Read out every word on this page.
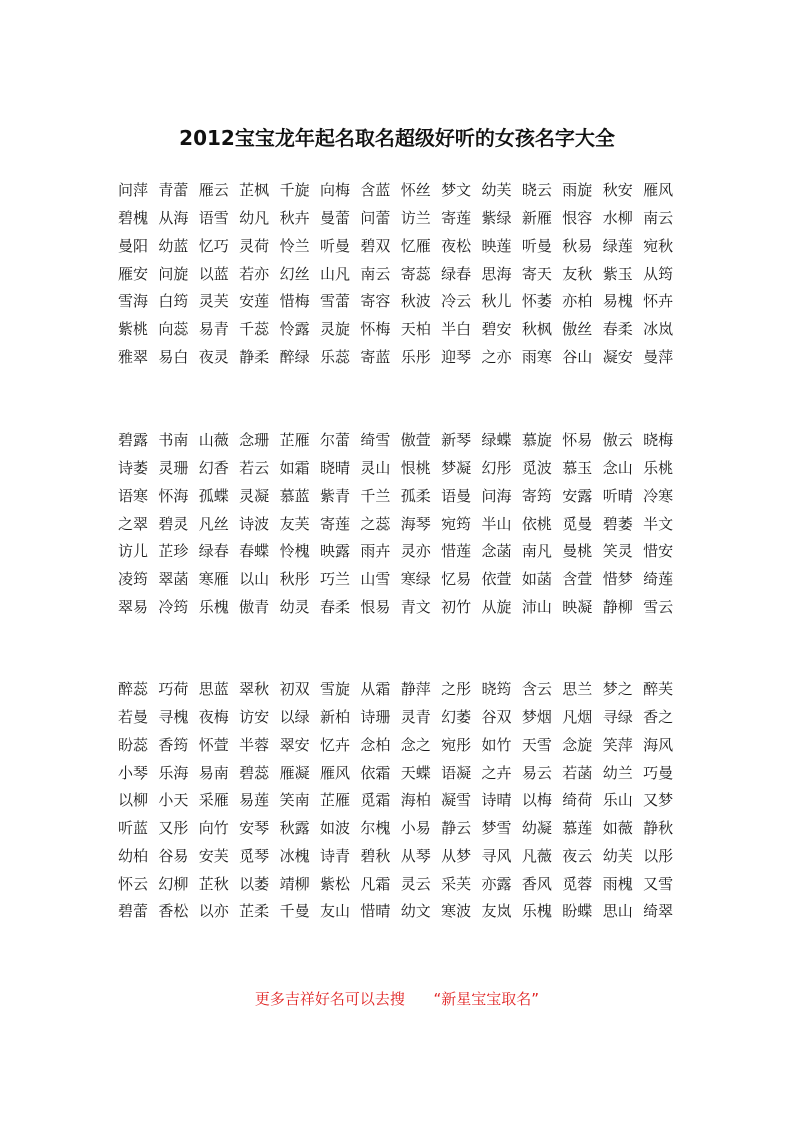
2012宝宝龙年起名取名超级好听的女孩名字大全
问萍 青蕾 雁云 芷枫 千旋 向梅 含蓝 怀丝 梦文 幼芙 晓云 雨旋 秋安 雁风
碧槐 从海 语雪 幼凡 秋卉 曼蕾 问蕾 访兰 寄莲 紫绿 新雁 恨容 水柳 南云
曼阳 幼蓝 忆巧 灵荷 怜兰 听曼 碧双 忆雁 夜松 映莲 听曼 秋易 绿莲 宛秋
雁安 问旋 以蓝 若亦 幻丝 山凡 南云 寄蕊 绿春 思海 寄天 友秋 紫玉 从筠
雪海 白筠 灵芙 安莲 惜梅 雪蕾 寄容 秋波 冷云 秋儿 怀萎 亦柏 易槐 怀卉
紫桃 向蕊 易青 千蕊 怜露 灵旋 怀梅 天柏 半白 碧安 秋枫 傲丝 春柔 冰岚
雅翠 易白 夜灵 静柔 醉绿 乐蕊 寄蓝 乐彤 迎琴 之亦 雨寒 谷山 凝安 曼萍
碧露 书南 山薇 念珊 芷雁 尔蕾 绮雪 傲萱 新琴 绿蝶 慕旋 怀易 傲云 晓梅
诗萎 灵珊 幻香 若云 如霜 晓晴 灵山 恨桃 梦凝 幻彤 觅波 慕玉 念山 乐桃
语寒 怀海 孤蝶 灵凝 慕蓝 紫青 千兰 孤柔 语曼 问海 寄筠 安露 听晴 冷寒
之翠 碧灵 凡丝 诗波 友芙 寄莲 之蕊 海琴 宛筠 半山 依桃 觅曼 碧萎 半文
访儿 芷珍 绿春 春蝶 怜槐 映露 雨卉 灵亦 惜莲 念菡 南凡 曼桃 笑灵 惜安
凌筠 翠菡 寒雁 以山 秋彤 巧兰 山雪 寒绿 忆易 依萱 如菡 含萱 惜梦 绮莲
翠易 冷筠 乐槐 傲青 幼灵 春柔 恨易 青文 初竹 从旋 沛山 映凝 静柳 雪云
醉蕊 巧荷 思蓝 翠秋 初双 雪旋 从霜 静萍 之彤 晓筠 含云 思兰 梦之 醉芙
若曼 寻槐 夜梅 访安 以绿 新柏 诗珊 灵青 幻萎 谷双 梦烟 凡烟 寻绿 香之
盼蕊 香筠 怀萱 半蓉 翠安 忆卉 念柏 念之 宛彤 如竹 天雪 念旋 笑萍 海风
小琴 乐海 易南 碧蕊 雁凝 雁风 依霜 天蝶 语凝 之卉 易云 若菡 幼兰 巧曼
以柳 小天 采雁 易莲 笑南 芷雁 觅霜 海柏 凝雪 诗晴 以梅 绮荷 乐山 又梦
听蓝 又彤 向竹 安琴 秋露 如波 尔槐 小易 静云 梦雪 幼凝 慕莲 如薇 静秋
幼柏 谷易 安芙 觅琴 冰槐 诗青 碧秋 从琴 从梦 寻风 凡薇 夜云 幼芙 以彤
怀云 幻柳 芷秋 以萎 靖柳 紫松 凡霜 灵云 采芙 亦露 香风 觅蓉 雨槐 又雪
碧蕾 香松 以亦 芷柔 千曼 友山 惜晴 幼文 寒波 友岚 乐槐 盼蝶 思山 绮翠
更多吉祥好名可以去搜 “新星宝宝取名”
